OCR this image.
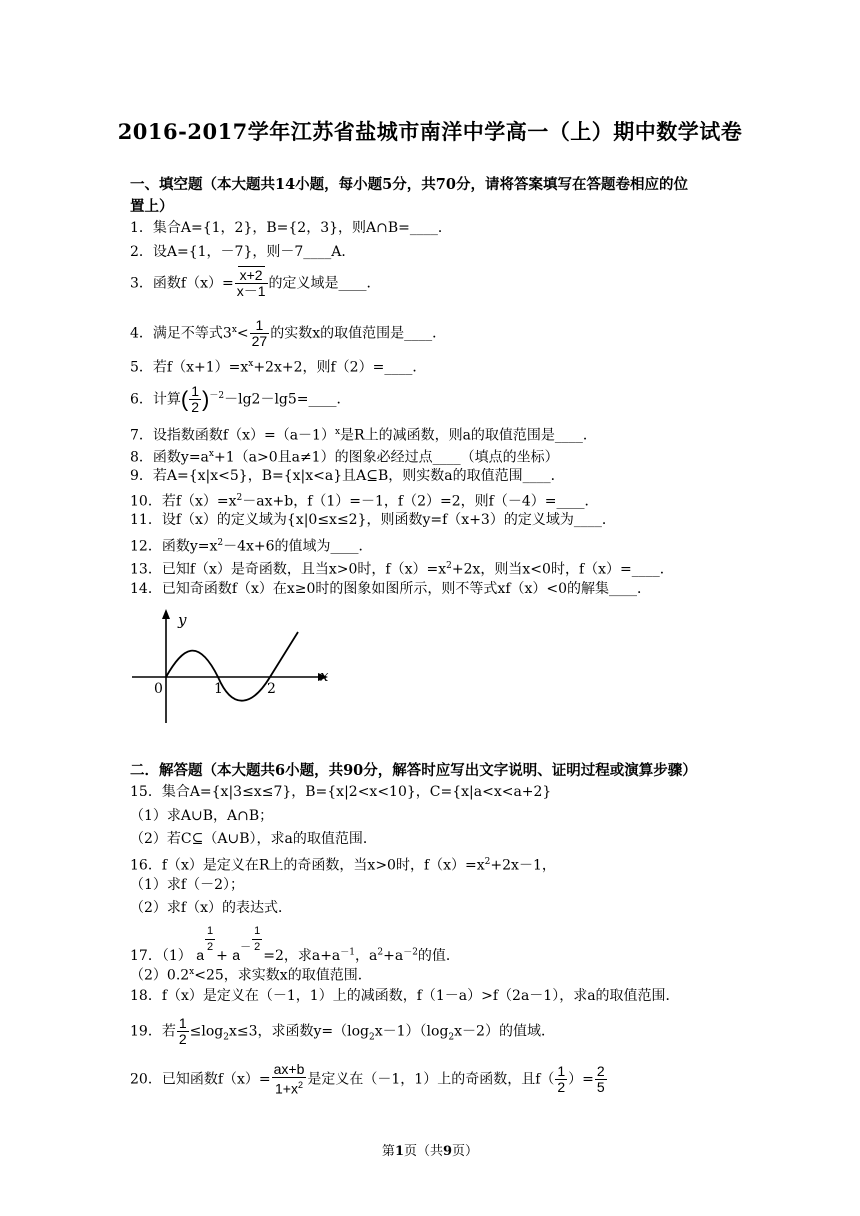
2016-2017学年江苏省盐城市南洋中学高一（上）期中数学试卷
一、填空题（本大题共14小题，每小题5分，共70分，请将答案填写在答题卷相应的位
置上）
1．集合A={1，2}，B={2，3}，则A∩B=____．
2．设A={1，－7}，则－7____A．
3．函数$f(x)= \frac{x+2}{x-1}$ 的定义域是____．
4．满足不等式$3^x< \frac{1}{27}$ 的实数x的取值范围是____．
5．若$f(x+1)=x^x+2x+2$，则f（2）=____．
6．计算( $\frac{1}{2}$ )$^{-2}$－lg2－lg5=____．
7．设指数函数$f(x)=(a-1)^x$是R上的减函数，则a的取值范围是____．
8．函数$y=a^x+1(a>0$且a≠1）的图象必经过点____（填点的坐标）
9．若A={x|x<5}，B={x|x<a}且A⊆B，则实数a的取值范围____．
10．若$f(x)=x^2-ax+b$，f（1）=－1，f（2）=2，则f（－4）=____．
11．设f（x）的定义域为{x|0≤x≤2}，则函数y=f（x+3）的定义域为____．
12．函数$y=x^2-4x+6$的值域为____．
13．已知f（x）是奇函数，且当x>0时，$f(x)=x^2+2x$，则当x<0时，f（x）=____．
14．已知奇函数f（x）在x≥0时的图象如图所示，则不等式xf（x）<0的解集____．
y
x
0	1	2
二．解答题（本大题共6小题，共90分，解答时应写出文字说明、证明过程或演算步骤）
15．集合A={x|3≤x≤7}，B={x|2<x<10}，C={x|a<x<a+2}
（1）求A∪B，A∩B；
（2）若C⊆（A∪B），求a的取值范围．
16．f（x）是定义在R上的奇函数，当x>0时，$f(x)=x^2+2x-1$，
（1）求f（－2）；
（2）求f（x）的表达式．
17．（1） a $\frac{1}{2}$
+ $a^- \frac{1}{2}$
=2，求$a+a^{-1}$，$a^2+a^{-2}$的值．
$(2)0.2^x<25$，求实数x的取值范围．
18．f（x）是定义在（－1，1）上的减函数，f（1－a）>f（2a－1），求a的取值范围．
19．若 $\frac{1}{2} \le\log_2x\le 3$，求函数$y=(\log_2x-1)(\log_2x-2)$的值域．
20．已知函数$f(x)= \frac{ax+b}{1+x^2}$ 是定义在（－1，1）上的奇函数，且$f( \frac{1}{2}$ ）= $\frac{2}{5}$
第1页（共9页）
